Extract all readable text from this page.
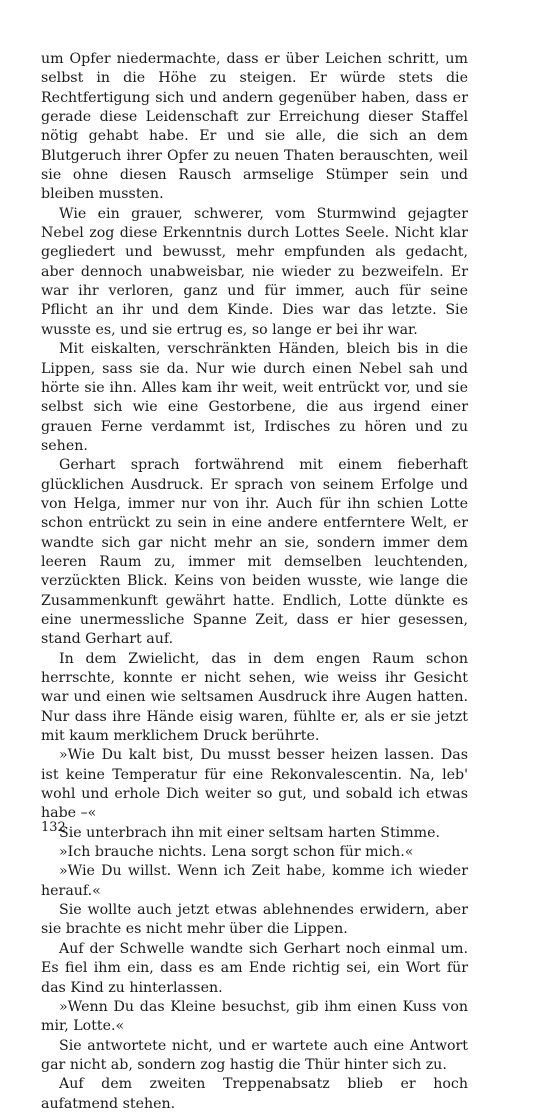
um Opfer niedermachte, dass er über Leichen schritt, um selbst in die Höhe zu steigen. Er würde stets die Rechtfertigung sich und andern gegenüber haben, dass er gerade diese Leidenschaft zur Erreichung dieser Staffel nötig gehabt habe. Er und sie alle, die sich an dem Blutgeruch ihrer Opfer zu neuen Thaten berauschten, weil sie ohne diesen Rausch armselige Stümper sein und bleiben mussten.

Wie ein grauer, schwerer, vom Sturmwind gejagter Nebel zog diese Erkenntnis durch Lottes Seele. Nicht klar gegliedert und bewusst, mehr empfunden als gedacht, aber dennoch unabweisbar, nie wieder zu bezweifeln. Er war ihr verloren, ganz und für immer, auch für seine Pflicht an ihr und dem Kinde. Dies war das letzte. Sie wusste es, und sie ertrug es, so lange er bei ihr war.

Mit eiskalten, verschränkten Händen, bleich bis in die Lippen, sass sie da. Nur wie durch einen Nebel sah und hörte sie ihn. Alles kam ihr weit, weit entrückt vor, und sie selbst sich wie eine Gestorbene, die aus irgend einer grauen Ferne verdammt ist, Irdisches zu hören und zu sehen.

Gerhart sprach fortwährend mit einem fieberhaft glücklichen Ausdruck. Er sprach von seinem Erfolge und von Helga, immer nur von ihr. Auch für ihn schien Lotte schon entrückt zu sein in eine andere entferntere Welt, er wandte sich gar nicht mehr an sie, sondern immer dem leeren Raum zu, immer mit demselben leuchtenden, verzückten Blick. Keins von beiden wusste, wie lange die Zusammenkunft gewährt hatte. Endlich, Lotte dünkte es eine unermessliche Spanne Zeit, dass er hier gesessen, stand Gerhart auf.

In dem Zwielicht, das in dem engen Raum schon herrschte, konnte er nicht sehen, wie weiss ihr Gesicht war und einen wie seltsamen Ausdruck ihre Augen hatten. Nur dass ihre Hände eisig waren, fühlte er, als er sie jetzt mit kaum merklichem Druck berührte.

»Wie Du kalt bist, Du musst besser heizen lassen. Das ist keine Temperatur für eine Rekonvalescentin. Na, leb' wohl und erhole Dich weiter so gut, und sobald ich etwas habe –«

Sie unterbrach ihn mit einer seltsam harten Stimme.

»Ich brauche nichts. Lena sorgt schon für mich.«

»Wie Du willst. Wenn ich Zeit habe, komme ich wieder herauf.«

Sie wollte auch jetzt etwas ablehnendes erwidern, aber sie brachte es nicht mehr über die Lippen.

Auf der Schwelle wandte sich Gerhart noch einmal um. Es fiel ihm ein, dass es am Ende richtig sei, ein Wort für das Kind zu hinterlassen.

»Wenn Du das Kleine besuchst, gib ihm einen Kuss von mir, Lotte.«

Sie antwortete nicht, und er wartete auch eine Antwort gar nicht ab, sondern zog hastig die Thür hinter sich zu.

Auf dem zweiten Treppenabsatz blieb er hoch aufatmend stehen.

132
